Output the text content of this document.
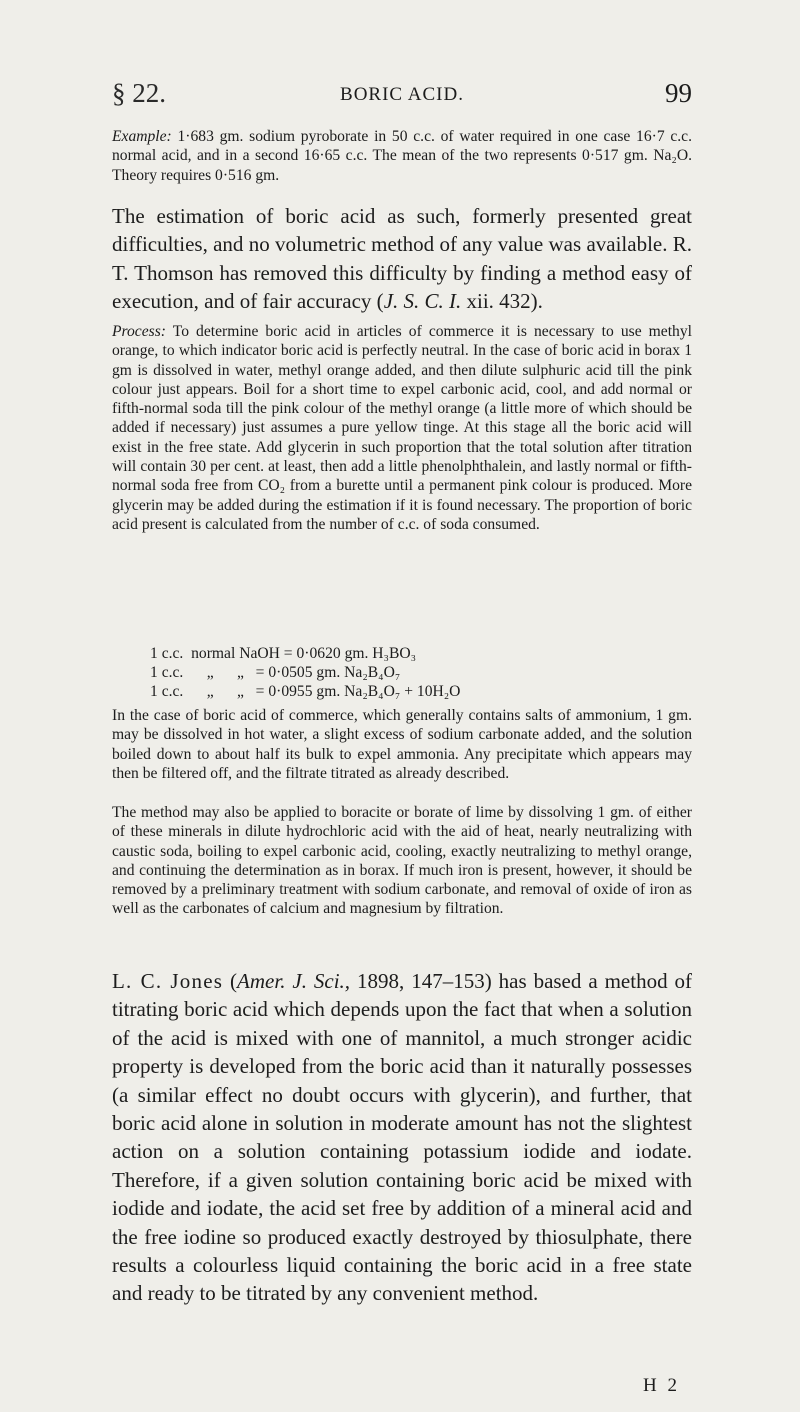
§ 22.	BORIC ACID.	99

Example: 1·683 gm. sodium pyroborate in 50 c.c. of water required in one case 16·7 c.c. normal acid, and in a second 16·65 c.c. The mean of the two represents 0·517 gm. Na₂O. Theory requires 0·516 gm.

The estimation of boric acid as such, formerly presented great difficulties, and no volumetric method of any value was available. R. T. Thomson has removed this difficulty by finding a method easy of execution, and of fair accuracy (J. S. C. I. xii. 432).

Process: To determine boric acid in articles of commerce it is necessary to use methyl orange, to which indicator boric acid is perfectly neutral. In the case of boric acid in borax 1 gm is dissolved in water, methyl orange added, and then dilute sulphuric acid till the pink colour just appears. Boil for a short time to expel carbonic acid, cool, and add normal or fifth-normal soda till the pink colour of the methyl orange (a little more of which should be added if necessary) just assumes a pure yellow tinge. At this stage all the boric acid will exist in the free state. Add glycerin in such proportion that the total solution after titration will contain 30 per cent. at least, then add a little phenolphthalein, and lastly normal or fifth-normal soda free from CO₂ from a burette until a permanent pink colour is produced. More glycerin may be added during the estimation if it is found necessary. The proportion of boric acid present is calculated from the number of c.c. of soda consumed.

1 c.c.  normal NaOH = 0·0620 gm. H₃BO₃
1 c.c.      „      „   = 0·0505 gm. Na₂B₄O₇
1 c.c.      „      „   = 0·0955 gm. Na₂B₄O₇ + 10H₂O

In the case of boric acid of commerce, which generally contains salts of ammonium, 1 gm. may be dissolved in hot water, a slight excess of sodium carbonate added, and the solution boiled down to about half its bulk to expel ammonia. Any precipitate which appears may then be filtered off, and the filtrate titrated as already described.

The method may also be applied to boracite or borate of lime by dissolving 1 gm. of either of these minerals in dilute hydrochloric acid with the aid of heat, nearly neutralizing with caustic soda, boiling to expel carbonic acid, cooling, exactly neutralizing to methyl orange, and continuing the determination as in borax. If much iron is present, however, it should be removed by a preliminary treatment with sodium carbonate, and removal of oxide of iron as well as the carbonates of calcium and magnesium by filtration.

L. C. Jones (Amer. J. Sci., 1898, 147–153) has based a method of titrating boric acid which depends upon the fact that when a solution of the acid is mixed with one of mannitol, a much stronger acidic property is developed from the boric acid than it naturally possesses (a similar effect no doubt occurs with glycerin), and further, that boric acid alone in solution in moderate amount has not the slightest action on a solution containing potassium iodide and iodate. Therefore, if a given solution containing boric acid be mixed with iodide and iodate, the acid set free by addition of a mineral acid and the free iodine so produced exactly destroyed by thiosulphate, there results a colourless liquid containing the boric acid in a free state and ready to be titrated by any convenient method.

H 2
